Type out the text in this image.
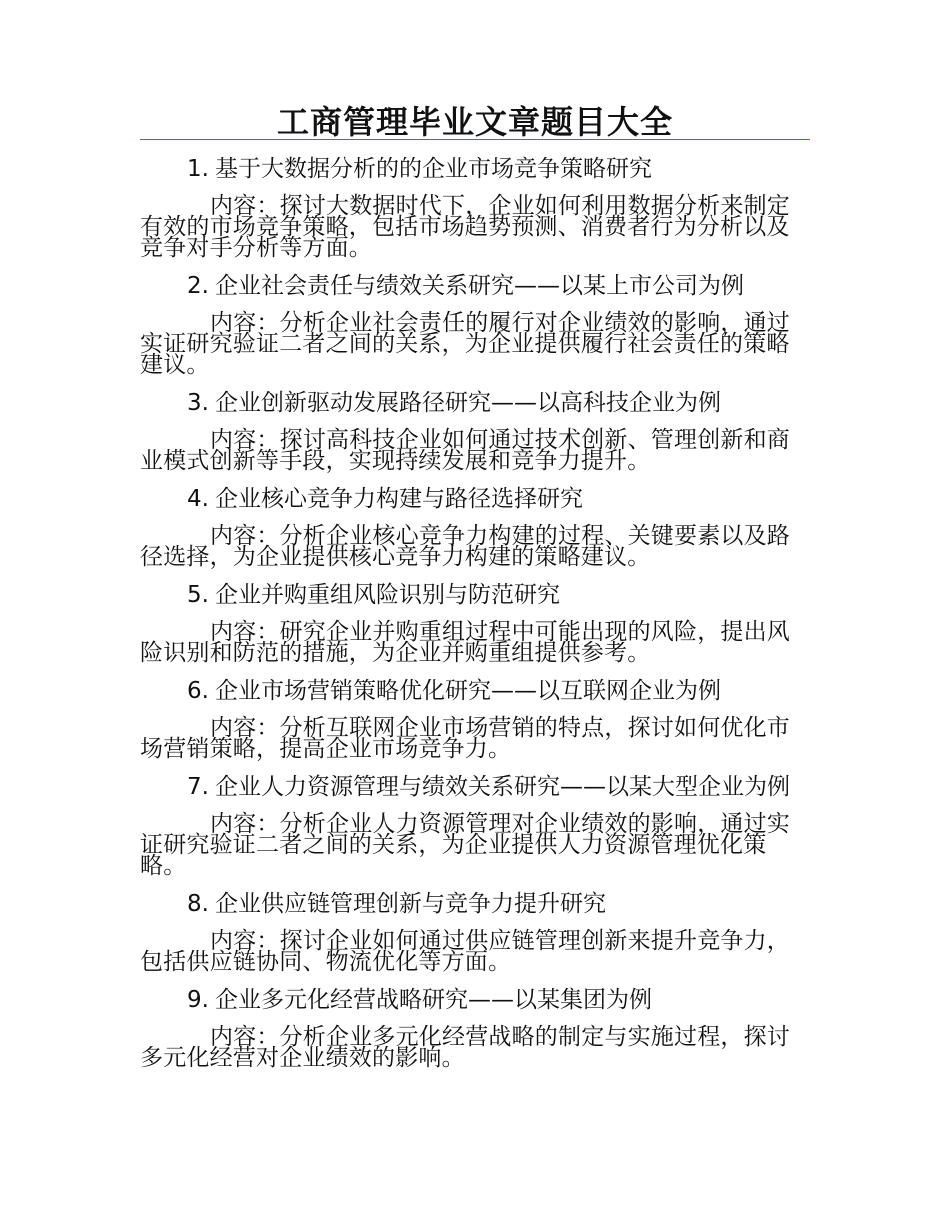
工商管理毕业文章题目大全

1. 基于大数据分析的的企业市场竞争策略研究

内容：探讨大数据时代下，企业如何利用数据分析来制定有效的市场竞争策略，包括市场趋势预测、消费者行为分析以及竞争对手分析等方面。

2. 企业社会责任与绩效关系研究——以某上市公司为例

内容：分析企业社会责任的履行对企业绩效的影响，通过实证研究验证二者之间的关系，为企业提供履行社会责任的策略建议。

3. 企业创新驱动发展路径研究——以高科技企业为例

内容：探讨高科技企业如何通过技术创新、管理创新和商业模式创新等手段，实现持续发展和竞争力提升。

4. 企业核心竞争力构建与路径选择研究

内容：分析企业核心竞争力构建的过程、关键要素以及路径选择，为企业提供核心竞争力构建的策略建议。

5. 企业并购重组风险识别与防范研究

内容：研究企业并购重组过程中可能出现的风险，提出风险识别和防范的措施，为企业并购重组提供参考。

6. 企业市场营销策略优化研究——以互联网企业为例

内容：分析互联网企业市场营销的特点，探讨如何优化市场营销策略，提高企业市场竞争力。

7. 企业人力资源管理与绩效关系研究——以某大型企业为例

内容：分析企业人力资源管理对企业绩效的影响，通过实证研究验证二者之间的关系，为企业提供人力资源管理优化策略。

8. 企业供应链管理创新与竞争力提升研究

内容：探讨企业如何通过供应链管理创新来提升竞争力，包括供应链协同、物流优化等方面。

9. 企业多元化经营战略研究——以某集团为例

内容：分析企业多元化经营战略的制定与实施过程，探讨多元化经营对企业绩效的影响。
